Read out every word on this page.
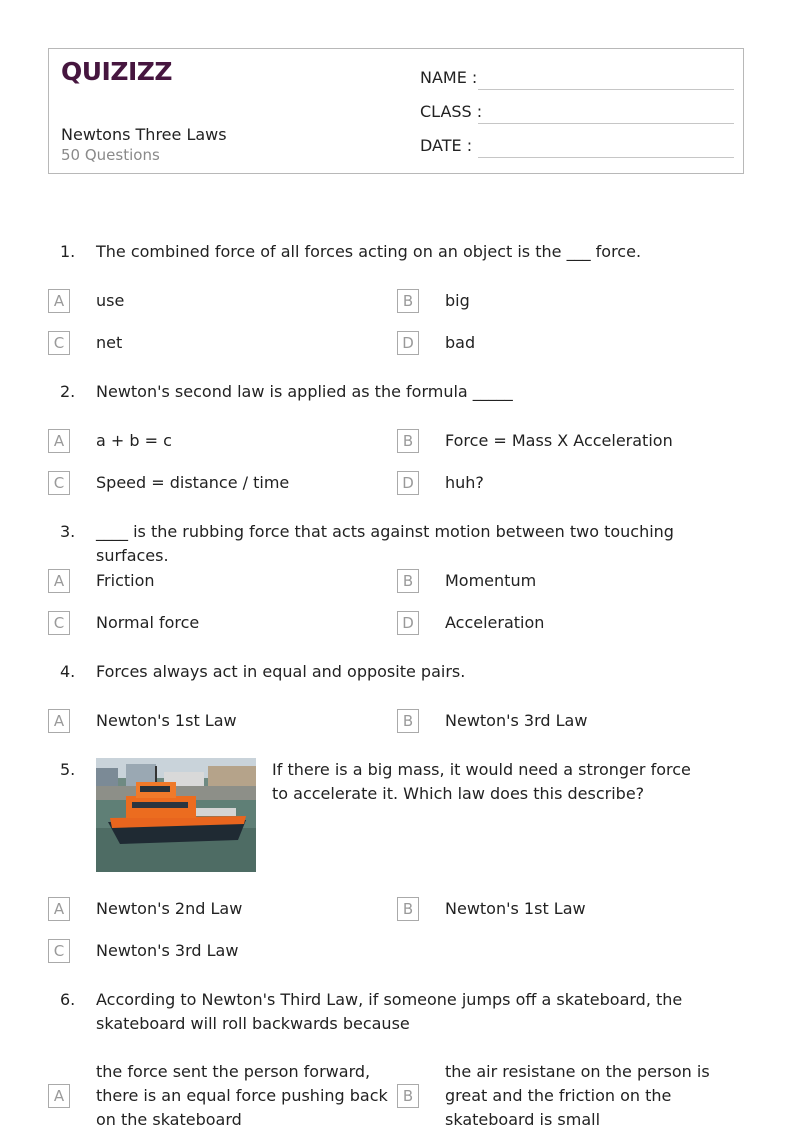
QUIZIZZ
Newtons Three Laws
50 Questions
NAME :
CLASS :
DATE :
1.	The combined force of all forces acting on an object is the ___ force.
A	use	B	big
C	net	D	bad
2.	Newton's second law is applied as the formula _____
A	a + b = c	B	Force = Mass X Acceleration
C	Speed = distance / time	D	huh?
3.	____ is the rubbing force that acts against motion between two touching surfaces.
A	Friction	B	Momentum
C	Normal force	D	Acceleration
4.	Forces always act in equal and opposite pairs.
A	Newton's 1st Law	B	Newton's 3rd Law
5.	If there is a big mass, it would need a stronger force to accelerate it. Which law does this describe?
A	Newton's 2nd Law	B	Newton's 1st Law
C	Newton's 3rd Law
6.	According to Newton's Third Law, if someone jumps off a skateboard, the skateboard will roll backwards because
A
the force sent the person forward, there is an equal force pushing back on the skateboard
B
the air resistane on the person is great and the friction on the skateboard is small
